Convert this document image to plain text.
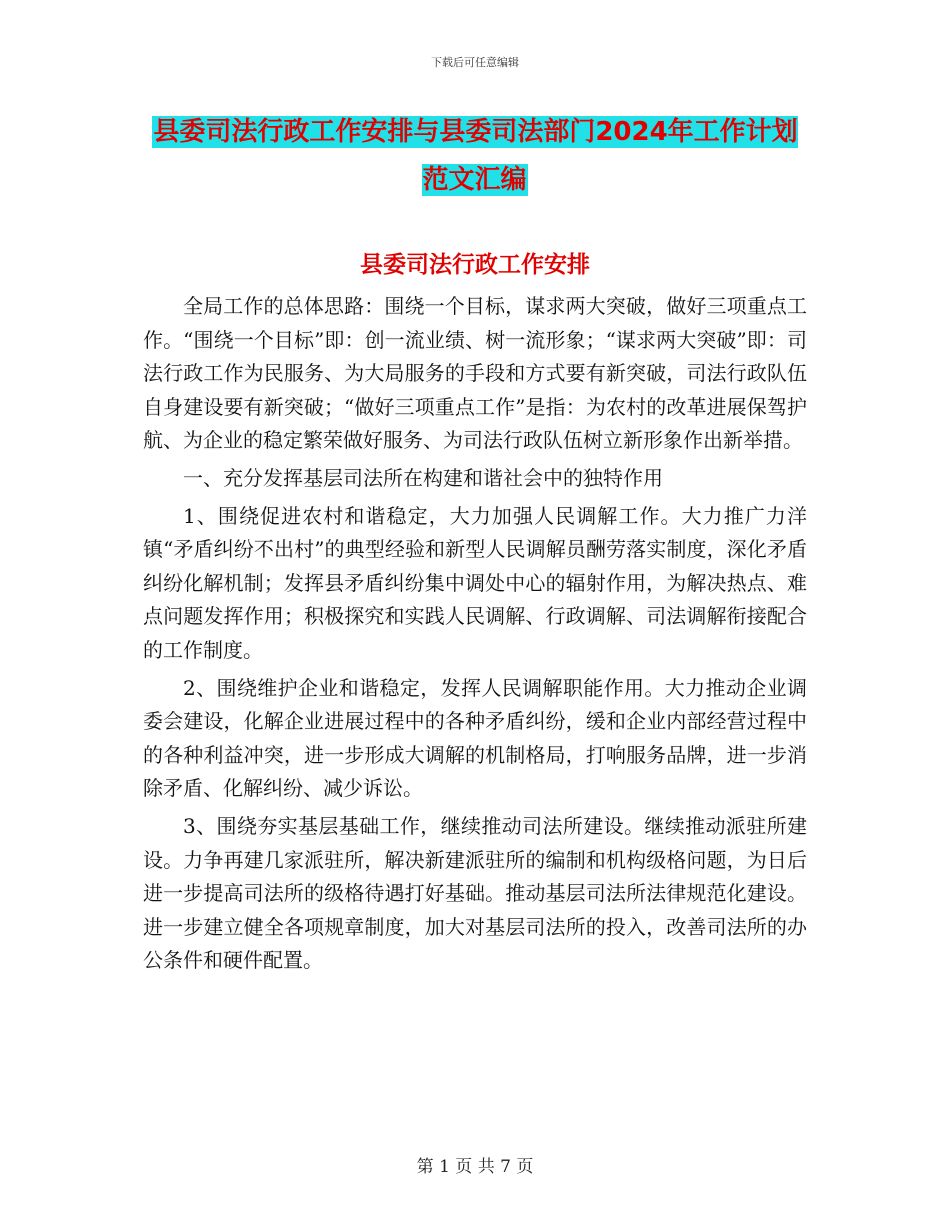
下载后可任意编辑
县委司法行政工作安排与县委司法部门2024年工作计划范文汇编
县委司法行政工作安排

全局工作的总体思路：围绕一个目标，谋求两大突破，做好三项重点工作。“围绕一个目标”即：创一流业绩、树一流形象；“谋求两大突破”即：司法行政工作为民服务、为大局服务的手段和方式要有新突破，司法行政队伍自身建设要有新突破；“做好三项重点工作”是指：为农村的改革进展保驾护航、为企业的稳定繁荣做好服务、为司法行政队伍树立新形象作出新举措。

一、充分发挥基层司法所在构建和谐社会中的独特作用

1、围绕促进农村和谐稳定，大力加强人民调解工作。大力推广力洋镇“矛盾纠纷不出村”的典型经验和新型人民调解员酬劳落实制度，深化矛盾纠纷化解机制；发挥县矛盾纠纷集中调处中心的辐射作用，为解决热点、难点问题发挥作用；积极探究和实践人民调解、行政调解、司法调解衔接配合的工作制度。

2、围绕维护企业和谐稳定，发挥人民调解职能作用。大力推动企业调委会建设，化解企业进展过程中的各种矛盾纠纷，缓和企业内部经营过程中的各种利益冲突，进一步形成大调解的机制格局，打响服务品牌，进一步消除矛盾、化解纠纷、减少诉讼。

3、围绕夯实基层基础工作，继续推动司法所建设。继续推动派驻所建设。力争再建几家派驻所，解决新建派驻所的编制和机构级格问题，为日后进一步提高司法所的级格待遇打好基础。推动基层司法所法律规范化建设。进一步建立健全各项规章制度，加大对基层司法所的投入，改善司法所的办公条件和硬件配置。

第 1 页 共 7 页
